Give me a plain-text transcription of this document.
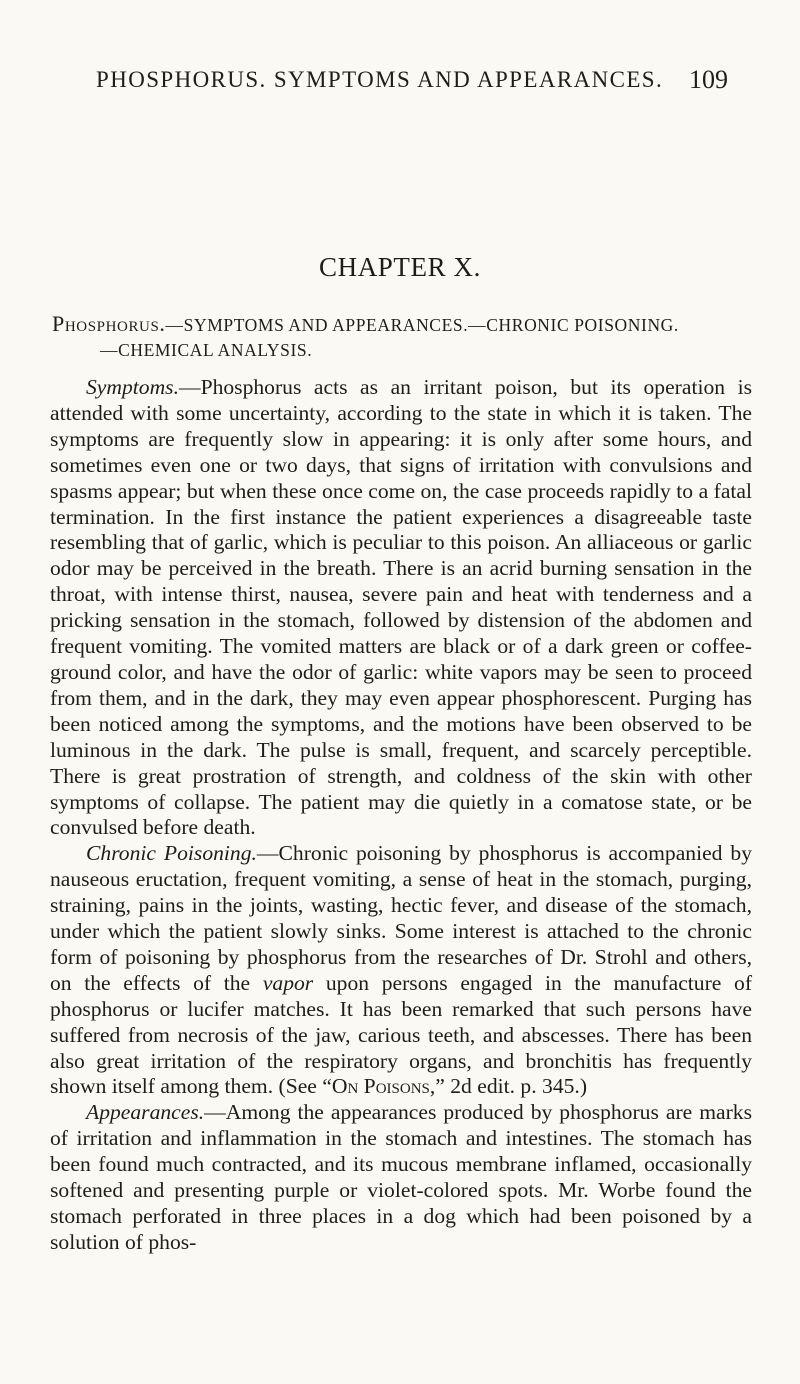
PHOSPHORUS. SYMPTOMS AND APPEARANCES. 109
CHAPTER X.
Phosphorus.—SYMPTOMS AND APPEARANCES.—CHRONIC POISONING.
—CHEMICAL ANALYSIS.

Symptoms.—Phosphorus acts as an irritant poison, but its operation is attended with some uncertainty, according to the state in which it is taken. The symptoms are frequently slow in appearing: it is only after some hours, and sometimes even one or two days, that signs of irritation with convulsions and spasms appear; but when these once come on, the case proceeds rapidly to a fatal termination. In the first instance the patient experiences a disagreeable taste resembling that of garlic, which is peculiar to this poison. An alliaceous or garlic odor may be perceived in the breath. There is an acrid burning sensation in the throat, with intense thirst, nausea, severe pain and heat with tenderness and a pricking sensation in the stomach, followed by distension of the abdomen and frequent vomiting. The vomited matters are black or of a dark green or coffee-ground color, and have the odor of garlic: white vapors may be seen to proceed from them, and in the dark, they may even appear phosphorescent. Purging has been noticed among the symptoms, and the motions have been observed to be luminous in the dark. The pulse is small, frequent, and scarcely perceptible. There is great prostration of strength, and coldness of the skin with other symptoms of collapse. The patient may die quietly in a comatose state, or be convulsed before death.

Chronic Poisoning.—Chronic poisoning by phosphorus is accompanied by nauseous eructation, frequent vomiting, a sense of heat in the stomach, purging, straining, pains in the joints, wasting, hectic fever, and disease of the stomach, under which the patient slowly sinks. Some interest is attached to the chronic form of poisoning by phosphorus from the researches of Dr. Strohl and others, on the effects of the vapor upon persons engaged in the manufacture of phosphorus or lucifer matches. It has been remarked that such persons have suffered from necrosis of the jaw, carious teeth, and abscesses. There has been also great irritation of the respiratory organs, and bronchitis has frequently shown itself among them. (See “On Poisons,” 2d edit. p. 345.)

Appearances.—Among the appearances produced by phosphorus are marks of irritation and inflammation in the stomach and intestines. The stomach has been found much contracted, and its mucous membrane inflamed, occasionally softened and presenting purple or violet-colored spots. Mr. Worbe found the stomach perforated in three places in a dog which had been poisoned by a solution of phos-
